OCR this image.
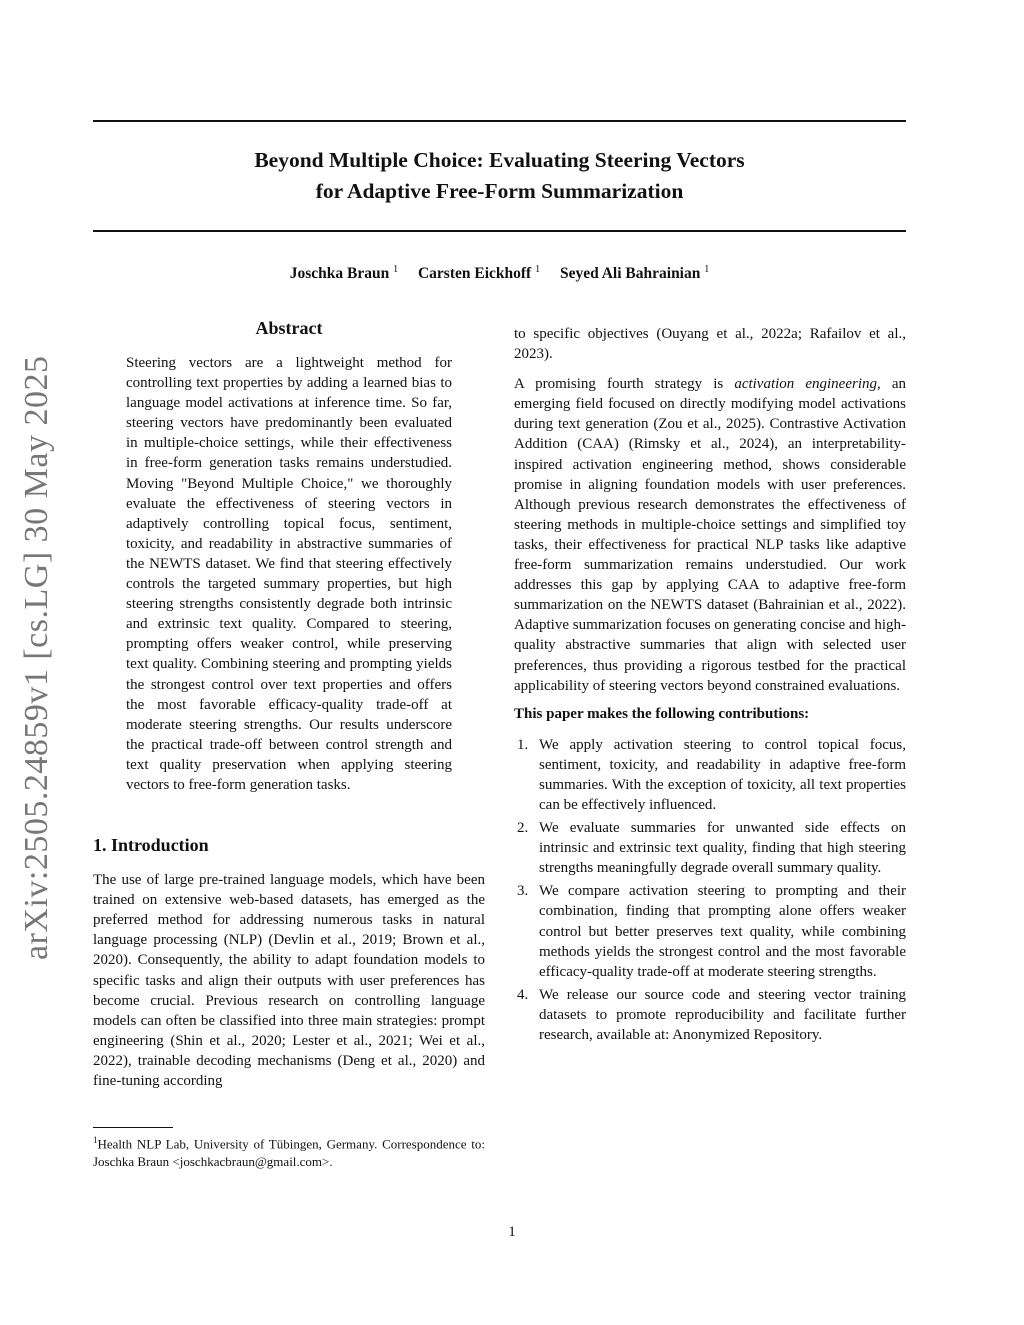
Beyond Multiple Choice: Evaluating Steering Vectors
for Adaptive Free-Form Summarization
Joschka Braun $^1$ Carsten Eickhoff $^1$ Seyed Ali Bahrainian $^1$
arXiv:2505.24859v1 [cs.LG] 30 May 2025
Abstract

Steering vectors are a lightweight method for controlling text properties by adding a learned bias to language model activations at inference time. So far, steering vectors have predominantly been evaluated in multiple-choice settings, while their effectiveness in free-form generation tasks remains understudied. Moving "Beyond Multiple Choice," we thoroughly evaluate the effectiveness of steering vectors in adaptively controlling topical focus, sentiment, toxicity, and readability in abstractive summaries of the NEWTS dataset. We find that steering effectively controls the targeted summary properties, but high steering strengths consistently degrade both intrinsic and extrinsic text quality. Compared to steering, prompting offers weaker control, while preserving text quality. Combining steering and prompting yields the strongest control over text properties and offers the most favorable efficacy-quality trade-off at moderate steering strengths. Our results underscore the practical trade-off between control strength and text quality preservation when applying steering vectors to free-form generation tasks.

1. Introduction

The use of large pre-trained language models, which have been trained on extensive web-based datasets, has emerged as the preferred method for addressing numerous tasks in natural language processing (NLP) (Devlin et al., 2019; Brown et al., 2020). Consequently, the ability to adapt foundation models to specific tasks and align their outputs with user preferences has become crucial. Previous research on controlling language models can often be classified into three main strategies: prompt engineering (Shin et al., 2020; Lester et al., 2021; Wei et al., 2022), trainable decoding mechanisms (Deng et al., 2020) and fine-tuning according

to specific objectives (Ouyang et al., 2022a; Rafailov et al., 2023).

A promising fourth strategy is activation engineering, an emerging field focused on directly modifying model activations during text generation (Zou et al., 2025). Contrastive Activation Addition (CAA) (Rimsky et al., 2024), an interpretability-inspired activation engineering method, shows considerable promise in aligning foundation models with user preferences. Although previous research demonstrates the effectiveness of steering methods in multiple-choice settings and simplified toy tasks, their effectiveness for practical NLP tasks like adaptive free-form summarization remains understudied. Our work addresses this gap by applying CAA to adaptive free-form summarization on the NEWTS dataset (Bahrainian et al., 2022). Adaptive summarization focuses on generating concise and high-quality abstractive summaries that align with selected user preferences, thus providing a rigorous testbed for the practical applicability of steering vectors beyond constrained evaluations.

This paper makes the following contributions:
1. We apply activation steering to control topical focus, sentiment, toxicity, and readability in adaptive free-form summaries. With the exception of toxicity, all text properties can be effectively influenced.
2. We evaluate summaries for unwanted side effects on intrinsic and extrinsic text quality, finding that high steering strengths meaningfully degrade overall summary quality.
3. We compare activation steering to prompting and their combination, finding that prompting alone offers weaker control but better preserves text quality, while combining methods yields the strongest control and the most favorable efficacy-quality trade-off at moderate steering strengths.
4. We release our source code and steering vector training datasets to promote reproducibility and facilitate further research, available at: Anonymized Repository.
$^1$Health NLP Lab, University of Tübingen, Germany. Correspondence to: Joschka Braun <joschkacbraun@gmail.com>.
1
